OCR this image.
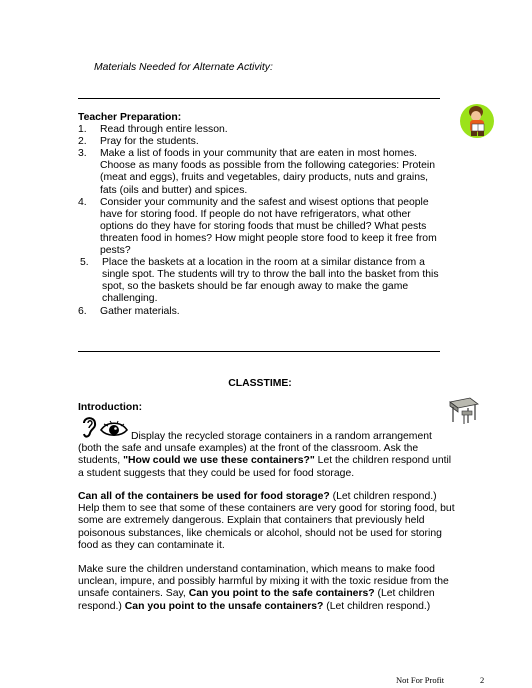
Materials Needed for Alternate Activity:
Teacher Preparation:
1.	Read through entire lesson.
2.	Pray for the students.
3.	Make a list of foods in your community that are eaten in most homes. Choose as many foods as possible from the following categories: Protein (meat and eggs), fruits and vegetables, dairy products, nuts and grains, fats (oils and butter) and spices.
4.	Consider your community and the safest and wisest options that people have for storing food. If people do not have refrigerators, what other options do they have for storing foods that must be chilled? What pests threaten food in homes? How might people store food to keep it free from pests?
5.	Place the baskets at a location in the room at a similar distance from a single spot. The students will try to throw the ball into the basket from this spot, so the baskets should be far enough away to make the game challenging.
6.	Gather materials.
CLASSTIME:
Introduction:

Display the recycled storage containers in a random arrangement (both the safe and unsafe examples) at the front of the classroom. Ask the students, "How could we use these containers?" Let the children respond until a student suggests that they could be used for food storage.

Can all of the containers be used for food storage? (Let children respond.) Help them to see that some of these containers are very good for storing food, but some are extremely dangerous. Explain that containers that previously held poisonous substances, like chemicals or alcohol, should not be used for storing food as they can contaminate it.

Make sure the children understand contamination, which means to make food unclean, impure, and possibly harmful by mixing it with the toxic residue from the unsafe containers. Say, Can you point to the safe containers? (Let children respond.) Can you point to the unsafe containers? (Let children respond.)

Not For Profit	2
